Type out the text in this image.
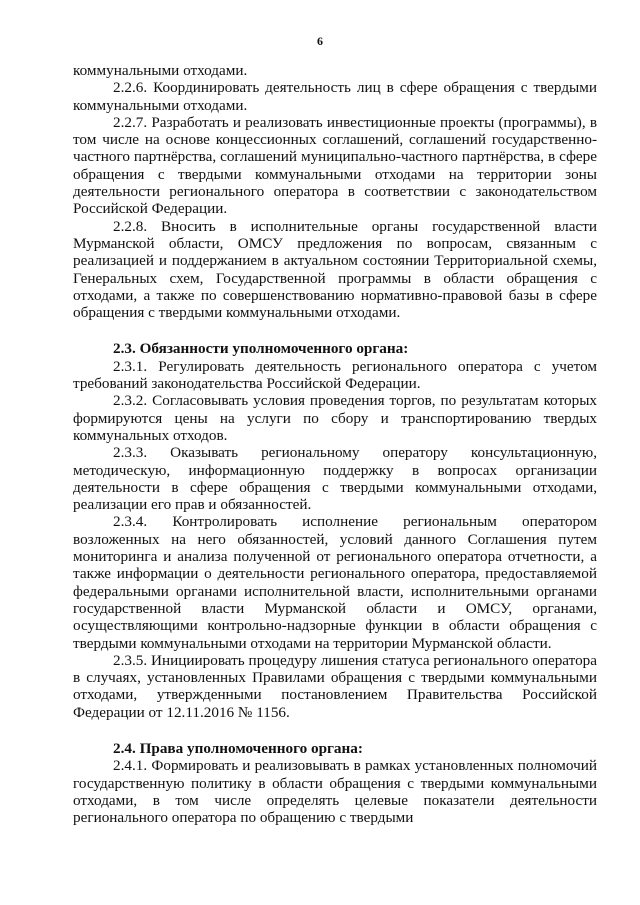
6

коммунальными отходами.

2.2.6. Координировать деятельность лиц в сфере обращения с твердыми коммунальными отходами.

2.2.7. Разработать и реализовать инвестиционные проекты (программы), в том числе на основе концессионных соглашений, соглашений государственно-частного партнёрства, соглашений муниципально-частного партнёрства, в сфере обращения с твердыми коммунальными отходами на территории зоны деятельности регионального оператора в соответствии с законодательством Российской Федерации.

2.2.8. Вносить в исполнительные органы государственной власти Мурманской области, ОМСУ предложения по вопросам, связанным с реализацией и поддержанием в актуальном состоянии Территориальной схемы, Генеральных схем, Государственной программы в области обращения с отходами, а также по совершенствованию нормативно-правовой базы в сфере обращения с твердыми коммунальными отходами.

2.3. Обязанности уполномоченного органа:

2.3.1. Регулировать деятельность регионального оператора с учетом требований законодательства Российской Федерации.

2.3.2. Согласовывать условия проведения торгов, по результатам которых формируются цены на услуги по сбору и транспортированию твердых коммунальных отходов.

2.3.3. Оказывать региональному оператору консультационную, методическую, информационную поддержку в вопросах организации деятельности в сфере обращения с твердыми коммунальными отходами, реализации его прав и обязанностей.

2.3.4. Контролировать исполнение региональным оператором возложенных на него обязанностей, условий данного Соглашения путем мониторинга и анализа полученной от регионального оператора отчетности, а также информации о деятельности регионального оператора, предоставляемой федеральными органами исполнительной власти, исполнительными органами государственной власти Мурманской области и ОМСУ, органами, осуществляющими контрольно-надзорные функции в области обращения с твердыми коммунальными отходами на территории Мурманской области.

2.3.5. Инициировать процедуру лишения статуса регионального оператора в случаях, установленных Правилами обращения с твердыми коммунальными отходами, утвержденными постановлением Правительства Российской Федерации от 12.11.2016 № 1156.

2.4. Права уполномоченного органа:

2.4.1. Формировать и реализовывать в рамках установленных полномочий государственную политику в области обращения с твердыми коммунальными отходами, в том числе определять целевые показатели деятельности регионального оператора по обращению с твердыми
